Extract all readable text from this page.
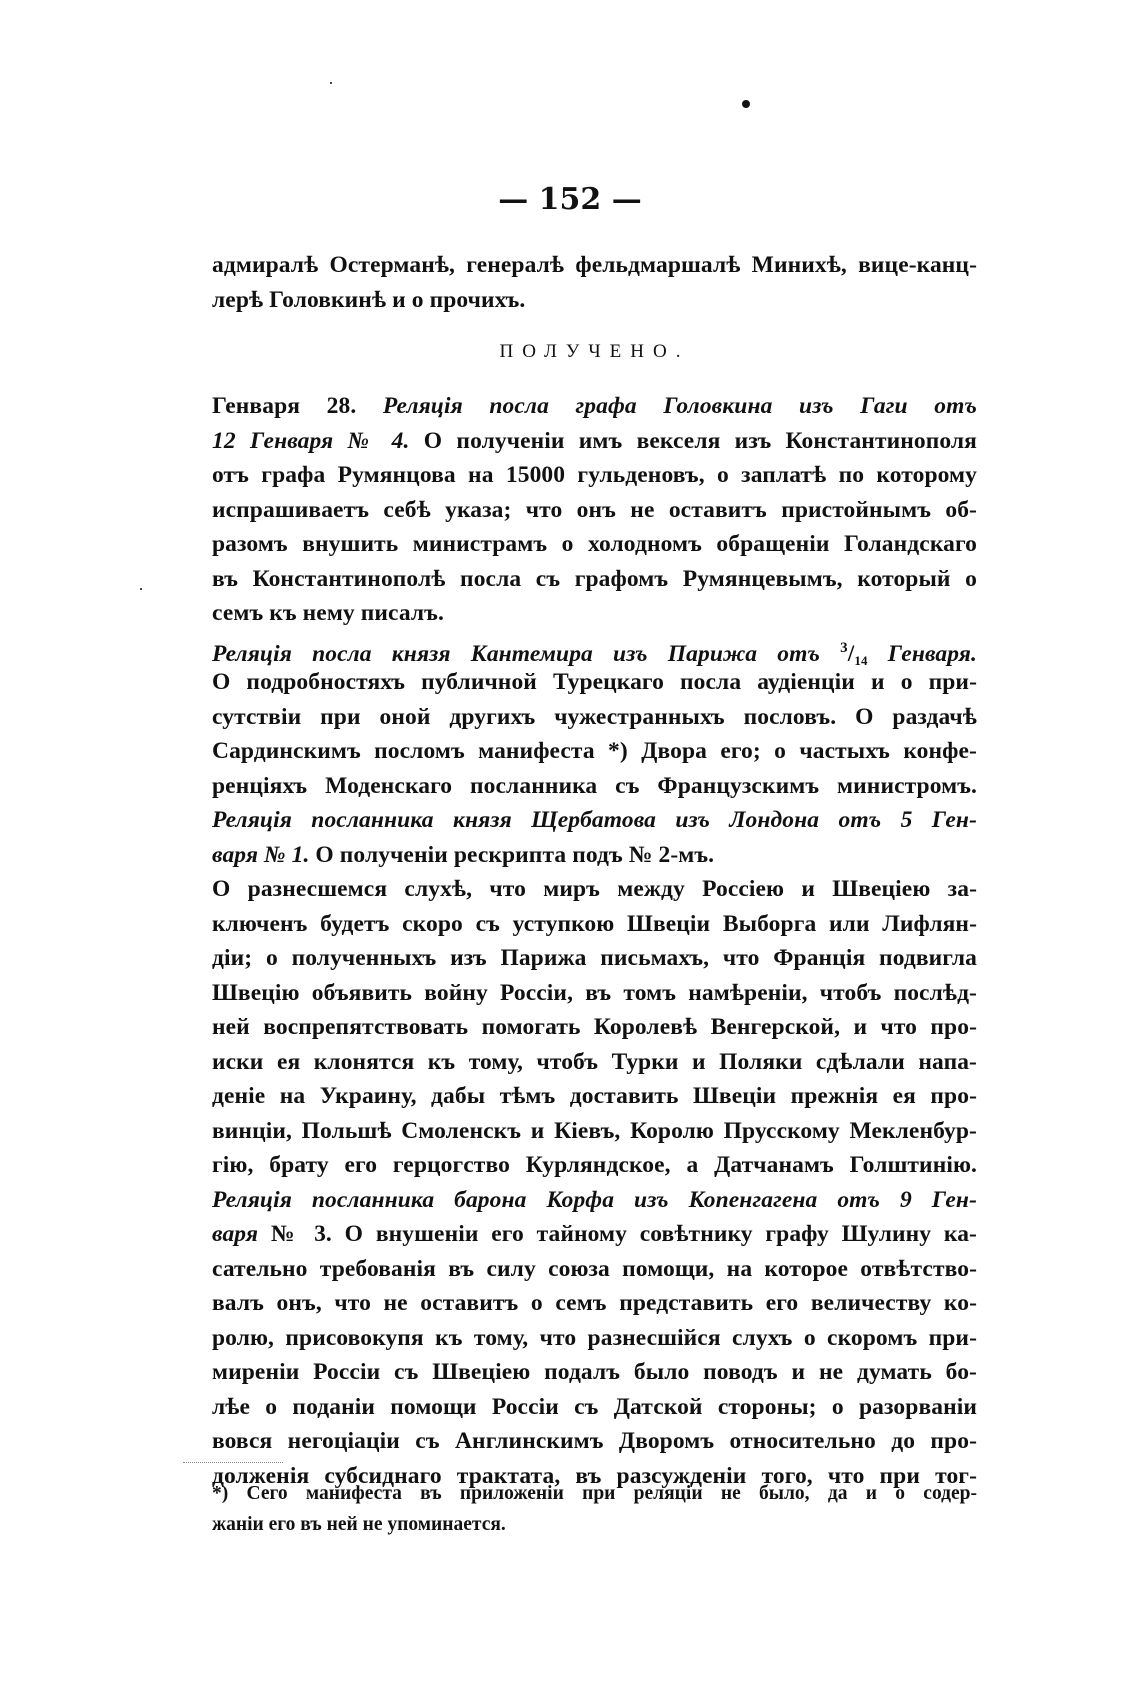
— 152 —
адмиралѣ Остерманѣ, генералѣ фельдмаршалѣ Минихѣ, вице-канц-
лерѣ Головкинѣ и о прочихъ.
ПОЛУЧЕНО.
Генваря 28. Реляція посла графа Головкина изъ Гаги отъ
12 Генваря № 4. О полученіи имъ векселя изъ Константинополя
отъ графа Румянцова на 15000 гульденовъ, о заплатѣ по которому
испрашиваетъ себѣ указа; что онъ не оставитъ пристойнымъ об-
разомъ внушить министрамъ о холодномъ обращеніи Голандскаго
въ Константинополѣ посла съ графомъ Румянцевымъ, который о
семъ къ нему писалъ.
Реляція посла князя Кантемира изъ Парижа отъ $^3/_{14}$ Генваря.
О подробностяхъ публичной Турецкаго посла аудіенціи и о при-
сутствіи при оной другихъ чужестранныхъ пословъ. О раздачѣ
Сардинскимъ посломъ манифеста *) Двора его; о частыхъ конфе-
ренціяхъ Моденскаго посланника съ Французскимъ министромъ.
Реляція посланника князя Щербатова изъ Лондона отъ 5 Ген-
варя № 1. О полученіи рескрипта подъ № 2-мъ.
О разнесшемся слухѣ, что миръ между Россіею и Швеціею за-
ключенъ будетъ скоро съ уступкою Швеціи Выборга или Лифлян-
діи; о полученныхъ изъ Парижа письмахъ, что Франція подвигла
Швецію объявить войну Россіи, въ томъ намѣреніи, чтобъ послѣд-
ней воспрепятствовать помогать Королевѣ Венгерской, и что про-
иски ея клонятся къ тому, чтобъ Турки и Поляки сдѣлали напа-
деніе на Украину, дабы тѣмъ доставить Швеціи прежнія ея про-
винціи, Польшѣ Смоленскъ и Кіевъ, Королю Прусскому Мекленбур-
гію, брату его герцогство Курляндское, а Датчанамъ Голштинію.
Реляція посланника барона Корфа изъ Копенгагена отъ 9 Ген-
варя № 3. О внушеніи его тайному совѣтнику графу Шулину ка-
сательно требованія въ силу союза помощи, на которое отвѣтство-
валъ онъ, что не оставитъ о семъ представить его величеству ко-
ролю, присовокупя къ тому, что разнесшійся слухъ о скоромъ при-
миреніи Россіи съ Швеціею подалъ было поводъ и не думать бо-
лѣе о поданіи помощи Россіи съ Датской стороны; о разорваніи
вовся негоціаціи съ Англинскимъ Дворомъ относительно до про-
долженія субсиднаго трактата, въ разсужденіи того, что при тог-
*) Сего манифеста въ приложеніи при реляціи не было, да и о содер-
жаніи его въ ней не упоминается.
